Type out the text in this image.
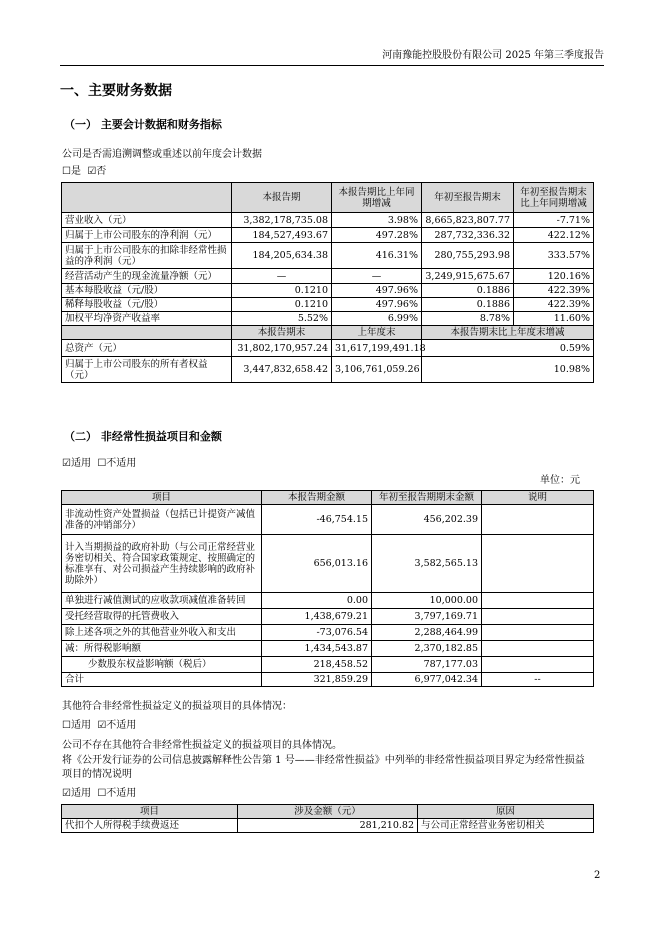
河南豫能控股股份有限公司 2025 年第三季度报告
一、主要财务数据
（一） 主要会计数据和财务指标
公司是否需追溯调整或重述以前年度会计数据
☐是 ☑否
	本报告期	本报告期比上年同期增减	年初至报告期末	年初至报告期末比上年同期增减
营业收入（元）	3,382,178,735.08	3.98%	8,665,823,807.77	-7.71%
归属于上市公司股东的净利润（元）	184,527,493.67	497.28%	287,732,336.32	422.12%
归属于上市公司股东的扣除非经常性损益的净利润（元）	184,205,634.38	416.31%	280,755,293.98	333.57%
经营活动产生的现金流量净额（元）	—	—	3,249,915,675.67	120.16%
基本每股收益（元/股）	0.1210	497.96%	0.1886	422.39%
稀释每股收益（元/股）	0.1210	497.96%	0.1886	422.39%
加权平均净资产收益率	5.52%	6.99%	8.78%	11.60%
	本报告期末	上年度末	本报告期末比上年度末增减	
总资产（元）	31,802,170,957.24	31,617,199,491.18	0.59%	
归属于上市公司股东的所有者权益（元）	3,447,832,658.42	3,106,761,059.26	10.98%	
（二） 非经常性损益项目和金额
☑适用 ☐不适用
单位：元
项目	本报告期金额	年初至报告期期末金额	说明
非流动性资产处置损益（包括已计提资产减值准备的冲销部分）	-46,754.15	456,202.39	
计入当期损益的政府补助（与公司正常经营业务密切相关、符合国家政策规定、按照确定的标准享有、对公司损益产生持续影响的政府补助除外）	656,013.16	3,582,565.13	
单独进行减值测试的应收款项减值准备转回	0.00	10,000.00	
受托经营取得的托管费收入	1,438,679.21	3,797,169.71	
除上述各项之外的其他营业外收入和支出	-73,076.54	2,288,464.99	
减：所得税影响额	1,434,543.87	2,370,182.85	
少数股东权益影响额（税后）	218,458.52	787,177.03	
合计	321,859.29	6,977,042.34	--
其他符合非经常性损益定义的损益项目的具体情况：
☐适用 ☑不适用
公司不存在其他符合非经常性损益定义的损益项目的具体情况。
将《公开发行证券的公司信息披露解释性公告第 1 号——非经常性损益》中列举的非经常性损益项目界定为经常性损益
项目的情况说明
☑适用 ☐不适用
项目	涉及金额（元）	原因
代扣个人所得税手续费返还	281,210.82	与公司正常经营业务密切相关
2
